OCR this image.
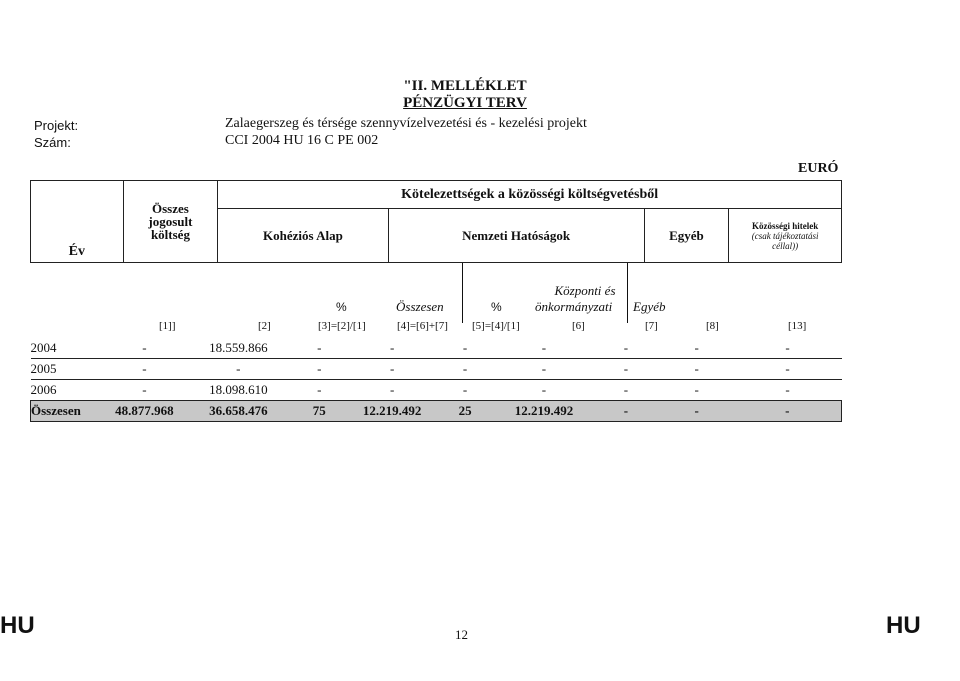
"II. MELLÉKLET
PÉNZÜGYI TERV
Projekt:	Zalaegerszeg és térsége szennyvízelvezetési és - kezelési projekt
Szám:	CCI 2004 HU 16 C PE 002
EURÓ
Év	Összes
jogosult
költség	Kötelezettségek a közösségi költségvetésből			
		Kohéziós Alap	Nemzeti Hatóságok	Egyéb	Közösségi hitelek
(csak tájékoztatási
céllal))
%	Összesen	%
Központi és
önkormányzati Egyéb
[1]]	[2]	[3]=[2]/[1]	[4]=[6]+[7] [5]=[4]/[1]	[6]	[7]	[8]	[13]
2004	-	18.559.866	-	-	-	-	-	-	-
2005	-	-	-	-	-	-	-	-	-
2006	-	18.098.610	-	-	-	-	-	-	-
Összesen	48.877.968	36.658.476	75	12.219.492	25	12.219.492	-	-	-
HU	12	HU
